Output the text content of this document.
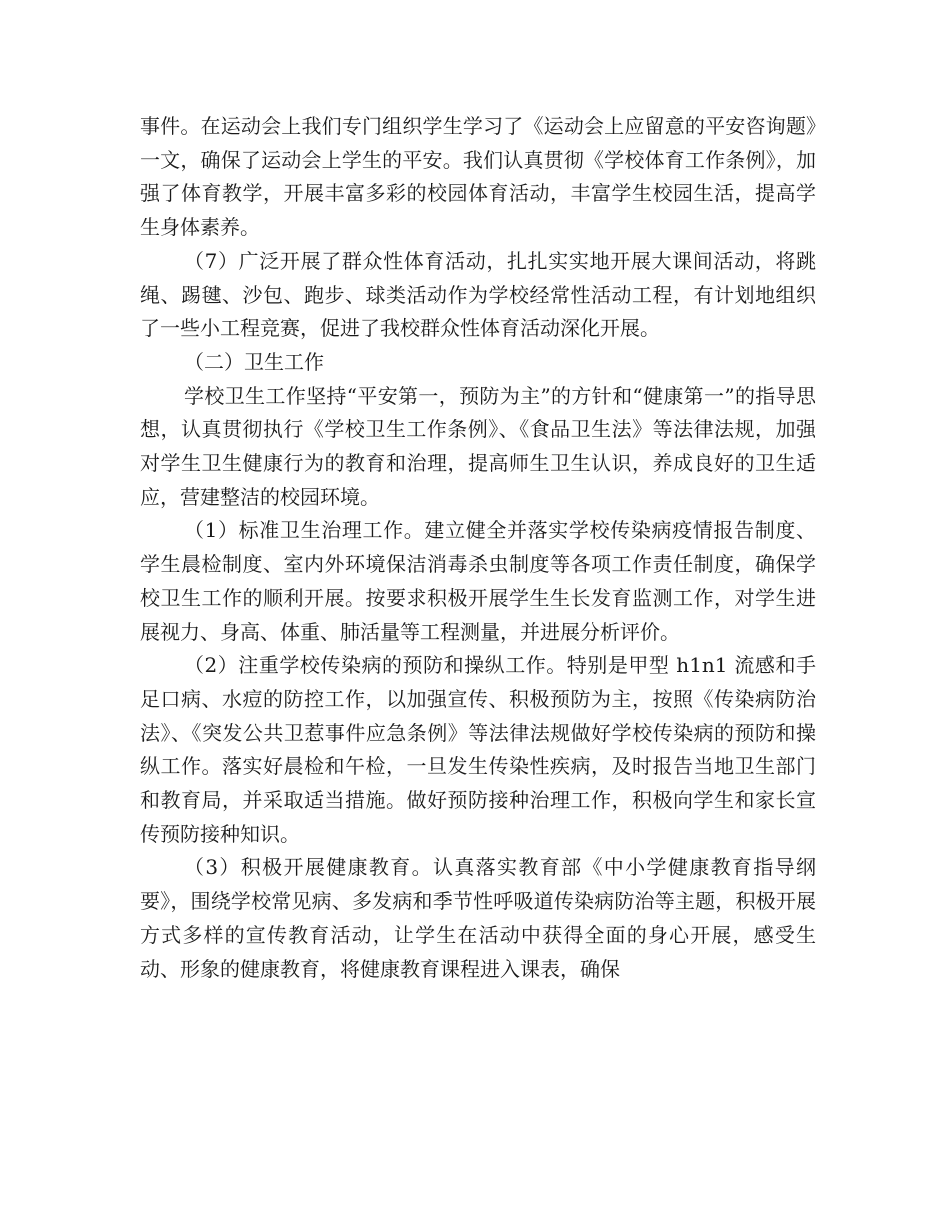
事件。在运动会上我们专门组织学生学习了《运动会上应留意的平安咨询题》一文，确保了运动会上学生的平安。我们认真贯彻《学校体育工作条例》，加强了体育教学，开展丰富多彩的校园体育活动，丰富学生校园生活，提高学生身体素养。

（7）广泛开展了群众性体育活动，扎扎实实地开展大课间活动，将跳绳、踢毽、沙包、跑步、球类活动作为学校经常性活动工程，有计划地组织了一些小工程竞赛，促进了我校群众性体育活动深化开展。

（二）卫生工作

学校卫生工作坚持“平安第一，预防为主”的方针和“健康第一”的指导思想，认真贯彻执行《学校卫生工作条例》、《食品卫生法》等法律法规，加强对学生卫生健康行为的教育和治理，提高师生卫生认识，养成良好的卫生适应，营建整洁的校园环境。

（1）标准卫生治理工作。建立健全并落实学校传染病疫情报告制度、学生晨检制度、室内外环境保洁消毒杀虫制度等各项工作责任制度，确保学校卫生工作的顺利开展。按要求积极开展学生生长发育监测工作，对学生进展视力、身高、体重、肺活量等工程测量，并进展分析评价。

（2）注重学校传染病的预防和操纵工作。特别是甲型 h1n1 流感和手足口病、水痘的防控工作，以加强宣传、积极预防为主，按照《传染病防治法》、《突发公共卫惹事件应急条例》等法律法规做好学校传染病的预防和操纵工作。落实好晨检和午检，一旦发生传染性疾病，及时报告当地卫生部门和教育局，并采取适当措施。做好预防接种治理工作，积极向学生和家长宣传预防接种知识。

（3）积极开展健康教育。认真落实教育部《中小学健康教育指导纲要》，围绕学校常见病、多发病和季节性呼吸道传染病防治等主题，积极开展方式多样的宣传教育活动，让学生在活动中获得全面的身心开展，感受生动、形象的健康教育，将健康教育课程进入课表，确保
